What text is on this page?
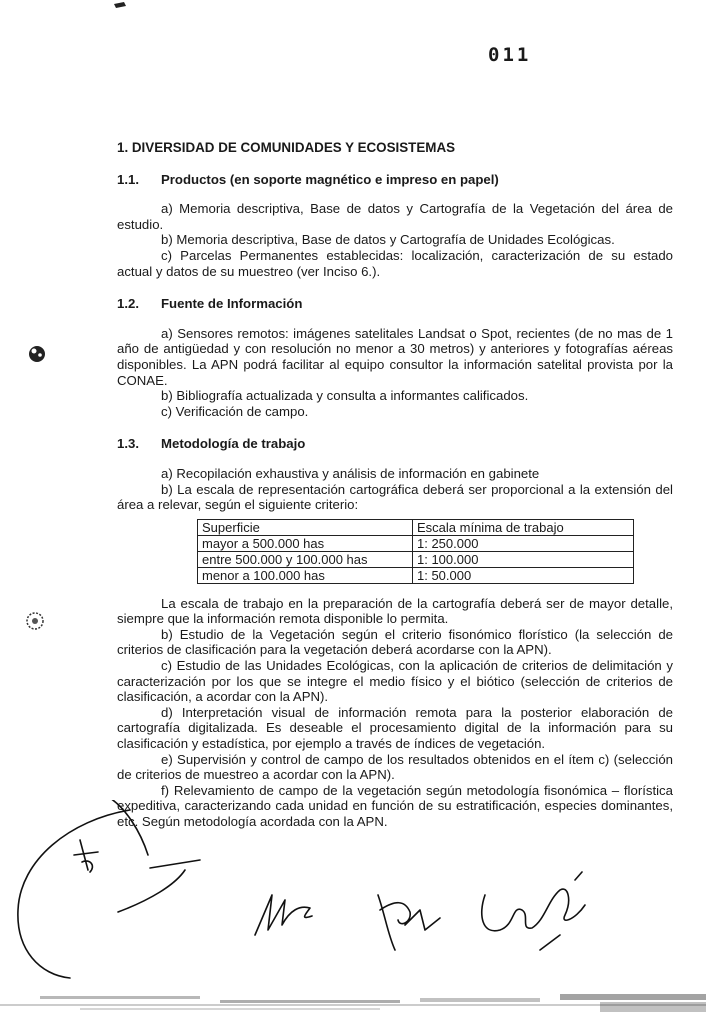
011
1. DIVERSIDAD DE COMUNIDADES Y ECOSISTEMAS
1.1. Productos (en soporte magnético e impreso en papel)

a) Memoria descriptiva, Base de datos y Cartografía de la Vegetación del área de estudio.

b) Memoria descriptiva, Base de datos y Cartografía de Unidades Ecológicas.

c) Parcelas Permanentes establecidas: localización, caracterización de su estado actual y datos de su muestreo (ver Inciso 6.).

1.2. Fuente de Información

a) Sensores remotos: imágenes satelitales Landsat o Spot, recientes (de no mas de 1 año de antigüedad y con resolución no menor a 30 metros) y anteriores y fotografías aéreas disponibles. La APN podrá facilitar al equipo consultor la información satelital provista por la CONAE.

b) Bibliografía actualizada y consulta a informantes calificados.

c) Verificación de campo.

1.3. Metodología de trabajo

a) Recopilación exhaustiva y análisis de información en gabinete

b) La escala de representación cartográfica deberá ser proporcional a la extensión del área a relevar, según el siguiente criterio:

Superficie	Escala mínima de trabajo
mayor a 500.000 has	1: 250.000
entre 500.000 y 100.000 has	1: 100.000
menor a 100.000 has	1: 50.000

La escala de trabajo en la preparación de la cartografía deberá ser de mayor detalle, siempre que la información remota disponible lo permita.

b) Estudio de la Vegetación según el criterio fisonómico florístico (la selección de criterios de clasificación para la vegetación deberá acordarse con la APN).

c) Estudio de las Unidades Ecológicas, con la aplicación de criterios de delimitación y caracterización por los que se integre el medio físico y el biótico (selección de criterios de clasificación, a acordar con la APN).

d) Interpretación visual de información remota para la posterior elaboración de cartografía digitalizada. Es deseable el procesamiento digital de la información para su clasificación y estadística, por ejemplo a través de índices de vegetación.

e) Supervisión y control de campo de los resultados obtenidos en el ítem c) (selección de criterios de muestreo a acordar con la APN).

f) Relevamiento de campo de la vegetación según metodología fisonómica – florística expeditiva, caracterizando cada unidad en función de su estratificación, especies dominantes, etc. Según metodología acordada con la APN.
